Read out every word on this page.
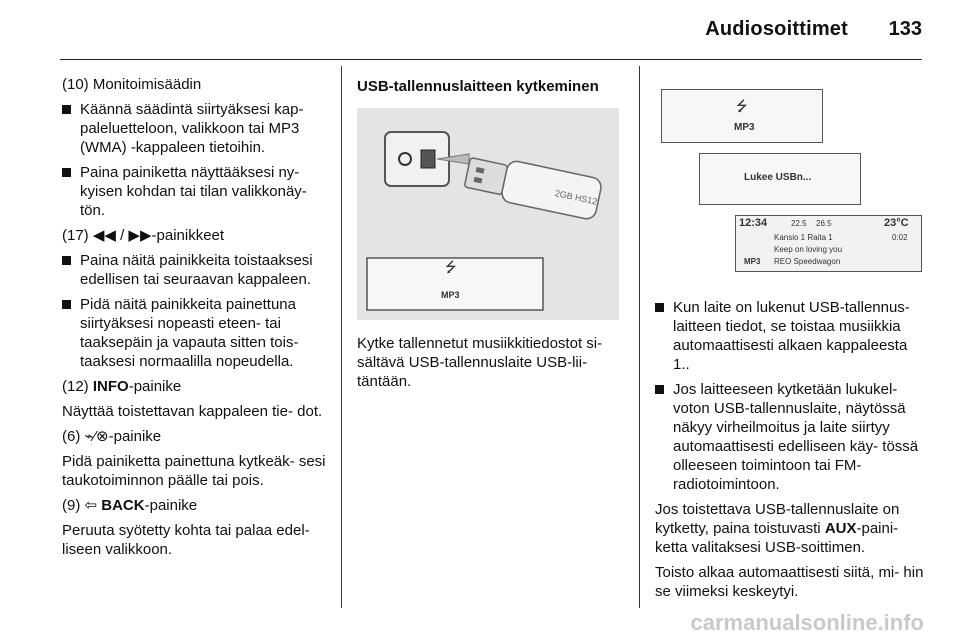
Audiosoittimet 133

(10) Monitoimisäädin

Käännä säädintä siirtyäksesi kap- paleluetteloon, valikkoon tai MP3 (WMA) -kappaleen tietoihin.
Paina painiketta näyttääksesi ny- kyisen kohdan tai tilan valikkonäy- tön.

(17) ◀◀ / ▶▶-painikkeet

Paina näitä painikkeita toistaaksesi edellisen tai seuraavan kappaleen.
Pidä näitä painikkeita painettuna siirtyäksesi nopeasti eteen- tai taaksepäin ja vapauta sitten tois- taaksesi normaalilla nopeudella.

(12) INFO-painike

Näyttää toistettavan kappaleen tie- dot.

(6) ⌁⁄⊗-painike

Pidä painiketta painettuna kytkeäk- sesi taukotoiminnon päälle tai pois.

(9) ⇦ BACK-painike

Peruuta syötetty kohta tai palaa edel- liseen valikkoon.

USB-tallennuslaitteen kytkeminen
2GB HS12
⭍
MP3

Kytke tallennetut musiikkitiedostot si- sältävä USB-tallennuslaite USB-lii- täntään.

⭍
MP3
Lukee USBn...
12:34	22.5 26.5	23°C
Kansio 1 Raita 1	0:02
Keep on loving you
REO Speedwagon
MP3
Kun laite on lukenut USB-tallennus- laitteen tiedot, se toistaa musiikkia automaattisesti alkaen kappaleesta 1..
Jos laitteeseen kytketään lukukel- voton USB-tallennuslaite, näytössä näkyy virheilmoitus ja laite siirtyy automaattisesti edelliseen käy- tössä olleeseen toimintoon tai FM- radiotoimintoon.

Jos toistettava USB-tallennuslaite on kytketty, paina toistuvasti AUX-paini- ketta valitaksesi USB-soittimen.

Toisto alkaa automaattisesti siitä, mi- hin se viimeksi keskeytyi.

carmanualsonline.info
